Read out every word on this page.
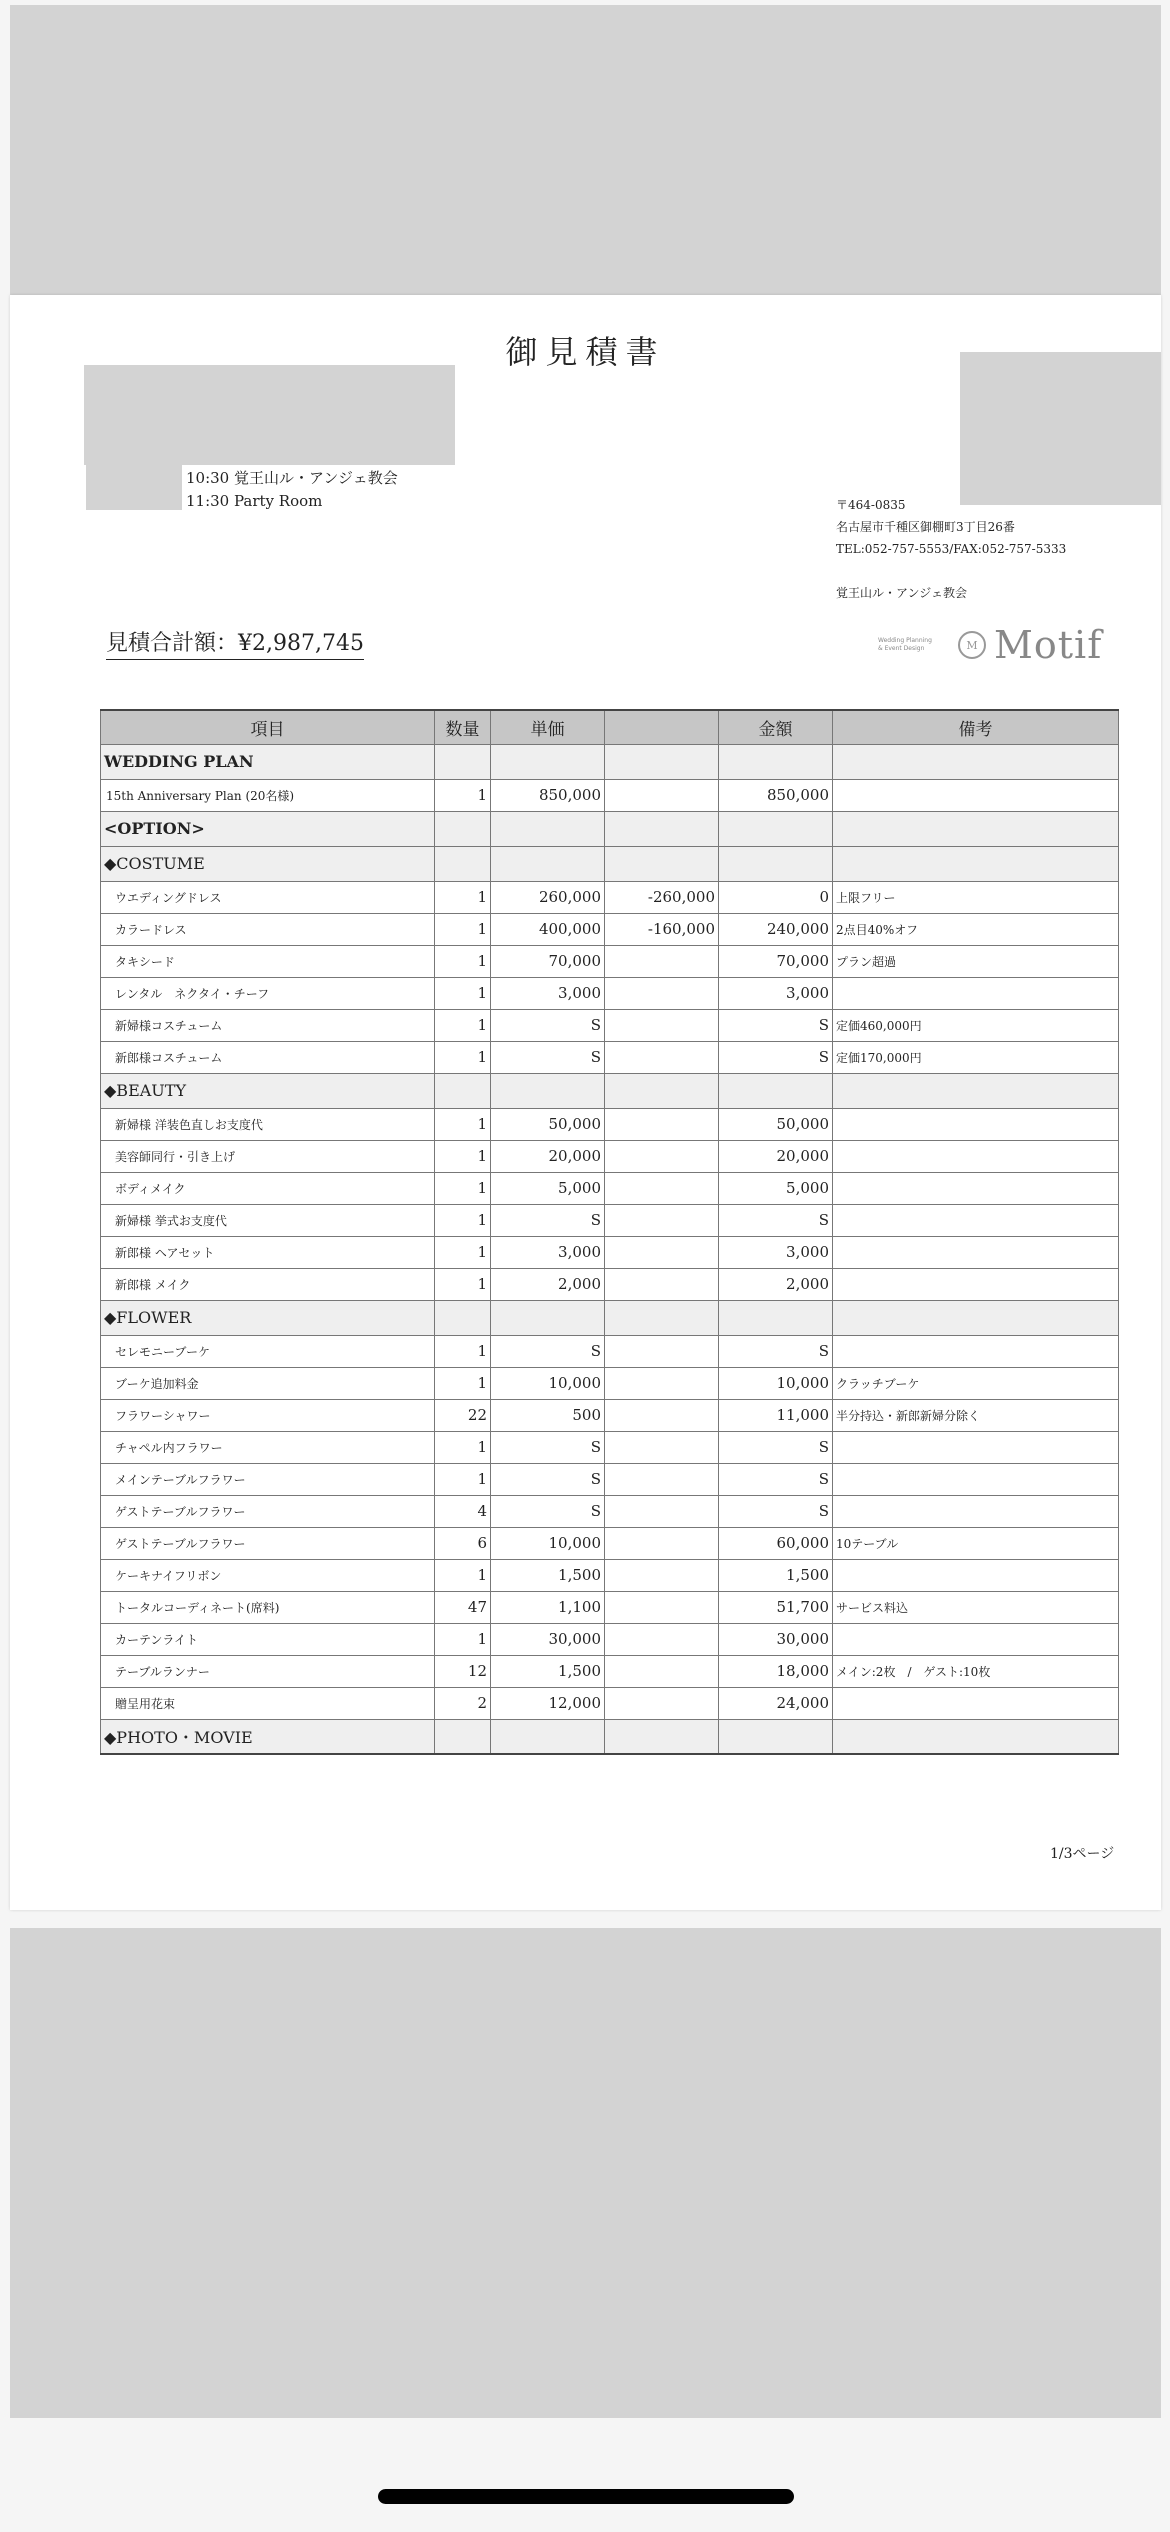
御見積書
10:30 覚王山ル・アンジェ教会
11:30 Party Room	〒464-0835
名古屋市千種区御棚町3丁目26番
TEL:052-757-5553/FAX:052-757-5333
覚王山ル・アンジェ教会
見積合計額：¥2,987,745	Wedding Planning
& Event Design	M Motif
項目	数量	単価		金額	備考
WEDDING PLAN					
15th Anniversary Plan (20名様)	1	850,000		850,000	
<OPTION>					
◆COSTUME					
ウエディングドレス	1	260,000	-260,000	0	上限フリー
カラードレス	1	400,000	-160,000	240,000	2点目40%オフ
タキシード	1	70,000		70,000	プラン超過
レンタル　ネクタイ・チーフ	1	3,000		3,000	
新婦様コスチューム	1	S		S	定価460,000円
新郎様コスチューム	1	S		S	定価170,000円
◆BEAUTY					
新婦様 洋装色直しお支度代	1	50,000		50,000	
美容師同行・引き上げ	1	20,000		20,000	
ボディメイク	1	5,000		5,000	
新婦様 挙式お支度代	1	S		S	
新郎様 ヘアセット	1	3,000		3,000	
新郎様 メイク	1	2,000		2,000	
◆FLOWER					
セレモニーブーケ	1	S		S	
ブーケ追加料金	1	10,000		10,000	クラッチブーケ
フラワーシャワー	22	500		11,000	半分持込・新郎新婦分除く
チャペル内フラワー	1	S		S	
メインテーブルフラワー	1	S		S	
ゲストテーブルフラワー	4	S		S	
ゲストテーブルフラワー	6	10,000		60,000	10テーブル
ケーキナイフリボン	1	1,500		1,500	
トータルコーディネート(席料)	47	1,100		51,700	サービス料込
カーテンライト	1	30,000		30,000	
テーブルランナー	12	1,500		18,000	メイン:2枚　/　ゲスト:10枚
贈呈用花束	2	12,000		24,000	
◆PHOTO・MOVIE					
1/3ページ
